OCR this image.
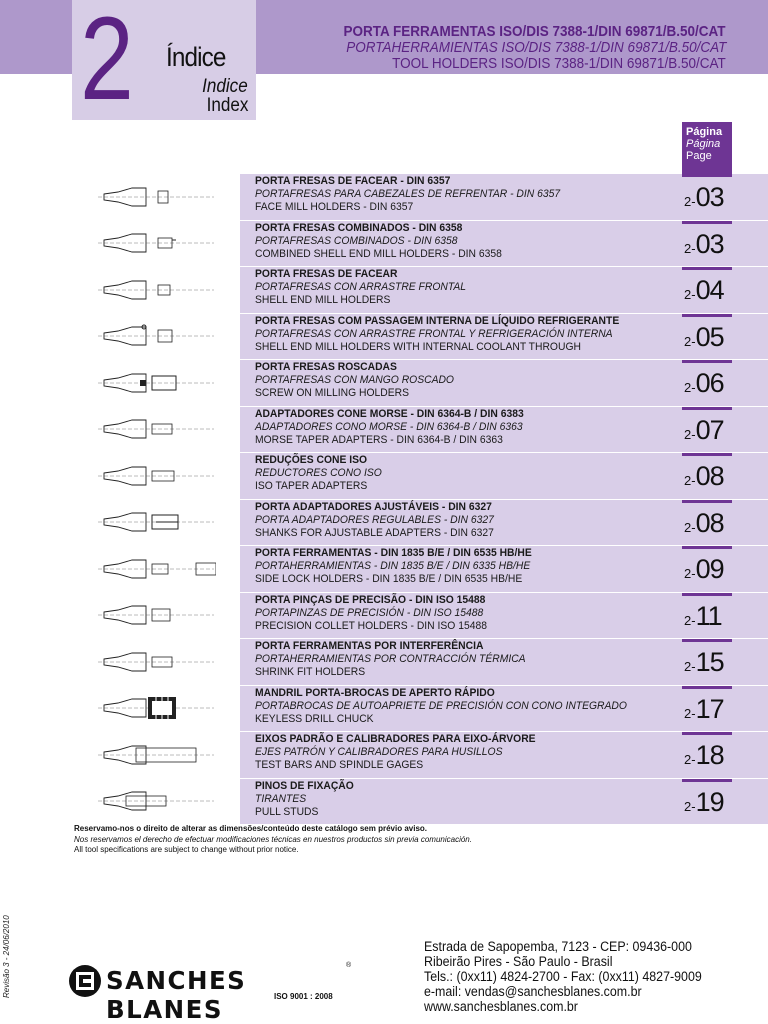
2 Índice
Indice
Index
PORTA FERRAMENTAS ISO/DIS 7388-1/DIN 69871/B.50/CAT
PORTAHERRAMIENTAS ISO/DIS 7388-1/DIN 69871/B.50/CAT
TOOL HOLDERS ISO/DIS 7388-1/DIN 69871/B.50/CAT
Página
Página
Page
PORTA FRESAS DE FACEAR - DIN 6357
PORTAFRESAS PARA CABEZALES DE REFRENTAR - DIN 6357
FACE MILL HOLDERS - DIN 6357	2-03
PORTA FRESAS COMBINADOS - DIN 6358
PORTAFRESAS COMBINADOS - DIN 6358
COMBINED SHELL END MILL HOLDERS - DIN 6358	2-03
PORTA FRESAS DE FACEAR
PORTAFRESAS CON ARRASTRE FRONTAL
SHELL END MILL HOLDERS	2-04
PORTA FRESAS COM PASSAGEM INTERNA DE LÍQUIDO REFRIGERANTE
PORTAFRESAS CON ARRASTRE FRONTAL Y REFRIGERACIÓN INTERNA
SHELL END MILL HOLDERS WITH INTERNAL COOLANT THROUGH	2-05
PORTA FRESAS ROSCADAS
PORTAFRESAS CON MANGO ROSCADO
SCREW ON MILLING HOLDERS	2-06
ADAPTADORES CONE MORSE - DIN 6364-B / DIN 6383
ADAPTADORES CONO MORSE - DIN 6364-B / DIN 6363
MORSE TAPER ADAPTERS - DIN 6364-B / DIN 6363	2-07
REDUÇÕES CONE ISO
REDUCTORES CONO ISO
ISO TAPER ADAPTERS	2-08
PORTA ADAPTADORES AJUSTÁVEIS - DIN 6327
PORTA ADAPTADORES REGULABLES - DIN 6327
SHANKS FOR AJUSTABLE ADAPTERS - DIN 6327	2-08
PORTA FERRAMENTAS - DIN 1835 B/E / DIN 6535 HB/HE
PORTAHERRAMIENTAS - DIN 1835 B/E / DIN 6335 HB/HE
SIDE LOCK HOLDERS - DIN 1835 B/E / DIN 6535 HB/HE	2-09
PORTA PINÇAS DE PRECISÃO - DIN ISO 15488
PORTAPINZAS DE PRECISIÓN - DIN ISO 15488
PRECISION COLLET HOLDERS - DIN ISO 15488	2-11
PORTA FERRAMENTAS POR INTERFERÊNCIA
PORTAHERRAMIENTAS POR CONTRACCIÓN TÉRMICA
SHRINK FIT HOLDERS	2-15
MANDRIL PORTA-BROCAS DE APERTO RÁPIDO
PORTABROCAS DE AUTOAPRIETE DE PRECISIÓN CON CONO INTEGRADO
KEYLESS DRILL CHUCK	2-17
EIXOS PADRÃO E CALIBRADORES PARA EIXO-ÁRVORE
EJES PATRÓN Y CALIBRADORES PARA HUSILLOS
TEST BARS AND SPINDLE GAGES	2-18
PINOS DE FIXAÇÃO
TIRANTES
PULL STUDS	2-19
Reservamo-nos o direito de alterar as dimensões/conteúdo deste catálogo sem prévio aviso.
Nos reservamos el derecho de efectuar modificaciones técnicas en nuestros productos sin previa comunicación.
All tool specifications are subject to change without prior notice.
Revisão 3 - 24/06/2010	SANCHES BLANES
®
ISO 9001 : 2008
Estrada de Sapopemba, 7123 - CEP: 09436-000
Ribeirão Pires - São Paulo - Brasil
Tels.: (0xx11) 4824-2700 - Fax: (0xx11) 4827-9009
e-mail: vendas@sanchesblanes.com.br
www.sanchesblanes.com.br
